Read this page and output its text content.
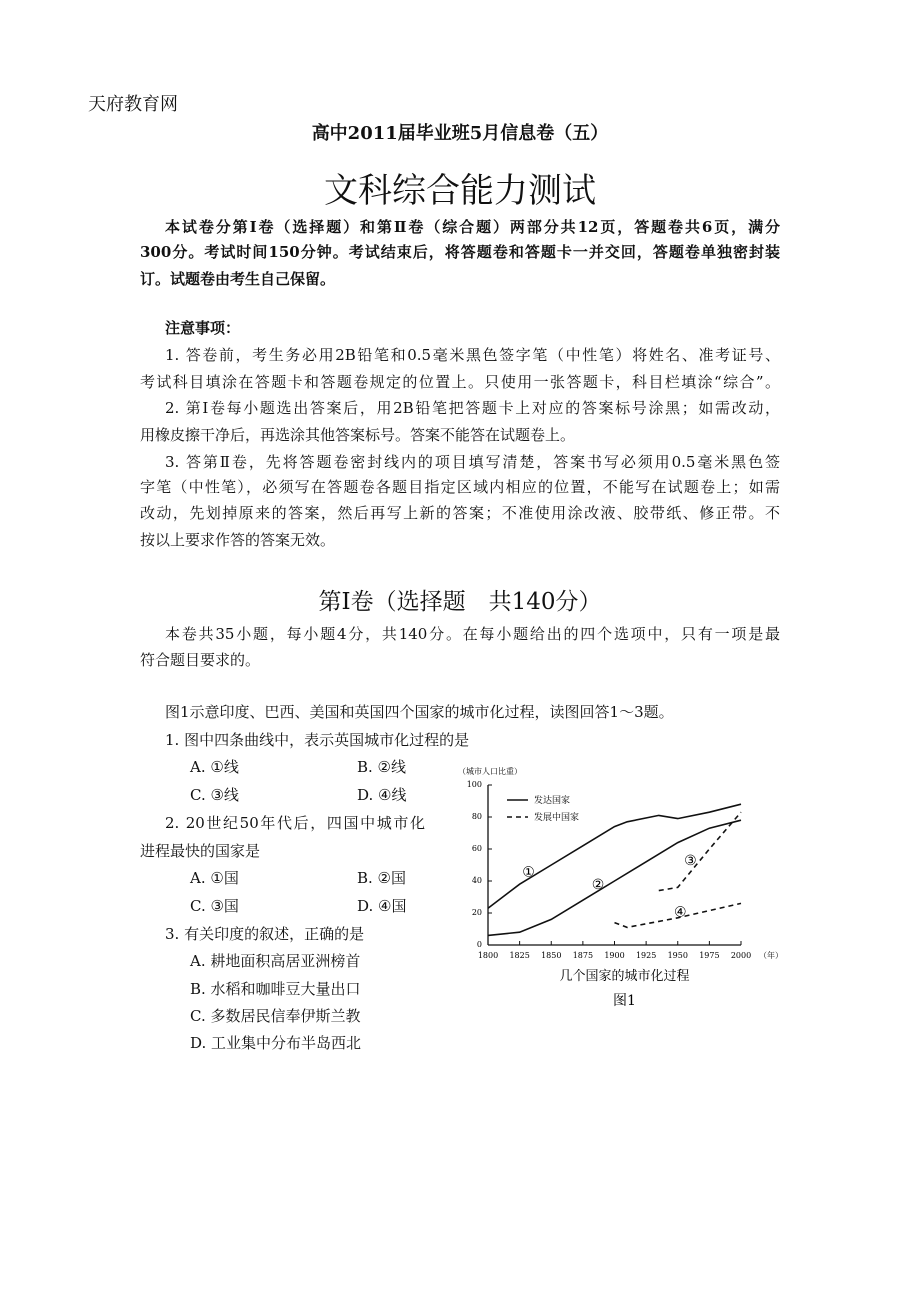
天府教育网
高中2011届毕业班5月信息卷（五）
文科综合能力测试
本试卷分第Ⅰ卷（选择题）和第Ⅱ卷（综合题）两部分共12页，答题卷共6页，满分
300分。考试时间150分钟。考试结束后，将答题卷和答题卡一并交回，答题卷单独密封装
订。试题卷由考生自己保留。
注意事项：
1. 答卷前，考生务必用2B铅笔和0.5毫米黑色签字笔（中性笔）将姓名、准考证号、
考试科目填涂在答题卡和答题卷规定的位置上。只使用一张答题卡，科目栏填涂“综合”。
2. 第Ⅰ卷每小题选出答案后，用2B铅笔把答题卡上对应的答案标号涂黑；如需改动，
用橡皮擦干净后，再选涂其他答案标号。答案不能答在试题卷上。
3. 答第Ⅱ卷，先将答题卷密封线内的项目填写清楚，答案书写必须用0.5毫米黑色签
字笔（中性笔），必须写在答题卷各题目指定区域内相应的位置，不能写在试题卷上；如需
改动，先划掉原来的答案，然后再写上新的答案；不准使用涂改液、胶带纸、修正带。不
按以上要求作答的答案无效。
第Ⅰ卷（选择题　共140分）
本卷共35小题，每小题4分，共140分。在每小题给出的四个选项中，只有一项是最
符合题目要求的。
图1示意印度、巴西、美国和英国四个国家的城市化过程，读图回答1～3题。
1. 图中四条曲线中，表示英国城市化过程的是
A. ①线	B. ②线
C. ③线	D. ④线
2. 20世纪50年代后，四国中城市化
进程最快的国家是
A. ①国	B. ②国
C. ③国	D. ④国
3. 有关印度的叙述，正确的是
A. 耕地面积高居亚洲榜首
B. 水稻和咖啡豆大量出口
C. 多数居民信奉伊斯兰教
D. 工业集中分布半岛西北
0
20
40
60
80
100
1800 1825 1850 1875 1900 1925 1950 1975 2000 （年）
（城市人口比重）
发达国家
发展中国家
①
②
③
④
几个国家的城市化过程
图1
